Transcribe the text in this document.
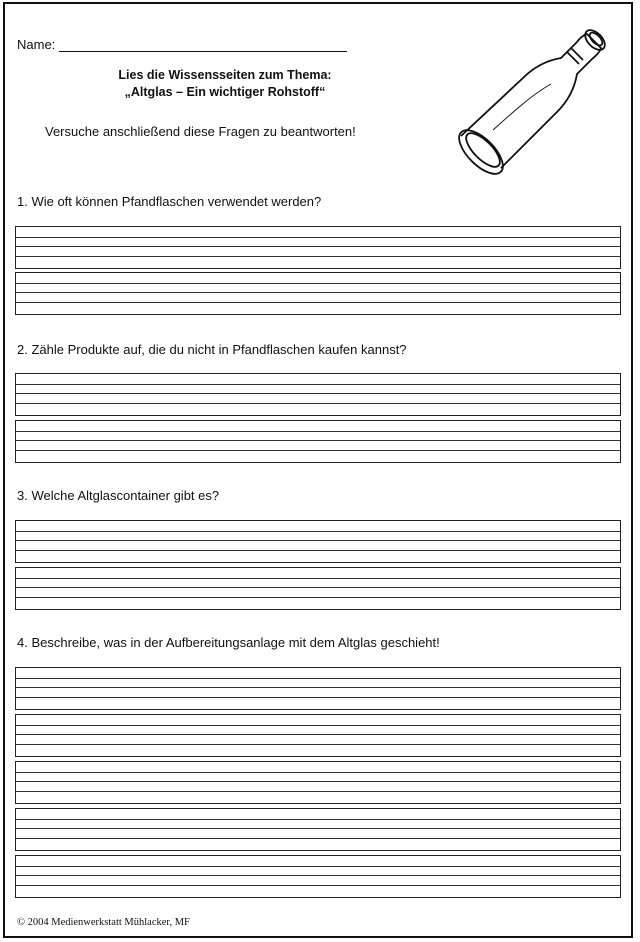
Name:
Lies die Wissensseiten zum Thema:
„Altglas – Ein wichtiger Rohstoff“
Versuche anschließend diese Fragen zu beantworten!
1. Wie oft können Pfandflaschen verwendet werden?
2. Zähle Produkte auf, die du nicht in Pfandflaschen kaufen kannst?
3. Welche Altglascontainer gibt es?
4. Beschreibe, was in der Aufbereitungsanlage mit dem Altglas geschieht!
© 2004 Medienwerkstatt Mühlacker, MF
